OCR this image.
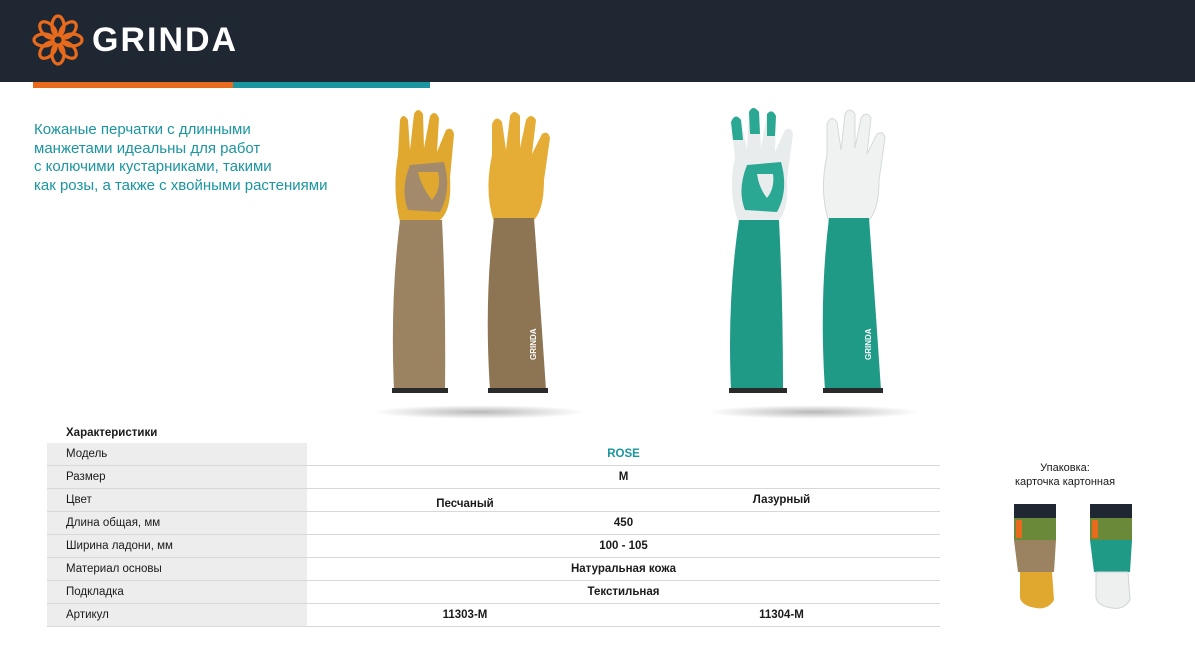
GRINDA
Кожаные перчатки с длинными
манжетами идеальны для работ
с колючими кустарниками, такими
как розы, а также с хвойными растениями
GRINDA	GRINDA
Характеристики
Модель	ROSE
Размер	M
Цвет	Песчаный	Лазурный
Длина общая, мм	450
Ширина ладони, мм	100 - 105
Материал основы	Натуральная кожа
Подкладка	Текстильная
Артикул	11303-M	11304-M
Упаковка:
карточка картонная
